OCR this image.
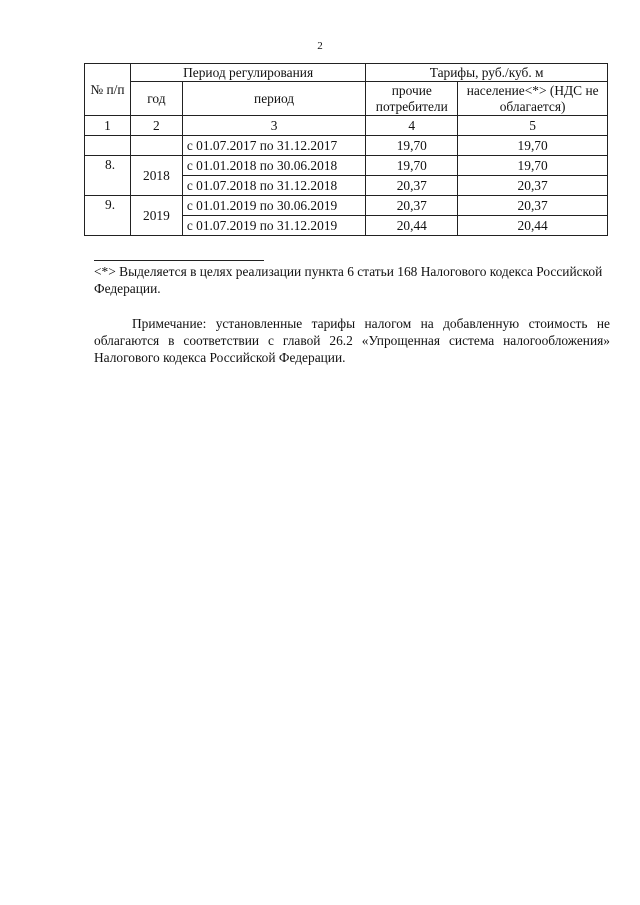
2
№ п/п	Период регулирования		Тарифы, руб./куб. м	
	год	период	прочие потребители	население<*> (НДС не облагается)
1	2	3	4	5
		с 01.07.2017 по 31.12.2017	19,70	19,70
8.	2018	с 01.01.2018 по 30.06.2018	19,70	19,70
		с 01.07.2018 по 31.12.2018	20,37	20,37
9.	2019	с 01.01.2019 по 30.06.2019	20,37	20,37
		с 01.07.2019 по 31.12.2019	20,44	20,44
<*> Выделяется в целях реализации пункта 6 статьи 168 Налогового кодекса Российской Федерации.
Примечание: установленные тарифы налогом на добавленную стоимость не облагаются в соответствии с главой 26.2 «Упрощенная система налогообложения» Налогового кодекса Российской Федерации.
